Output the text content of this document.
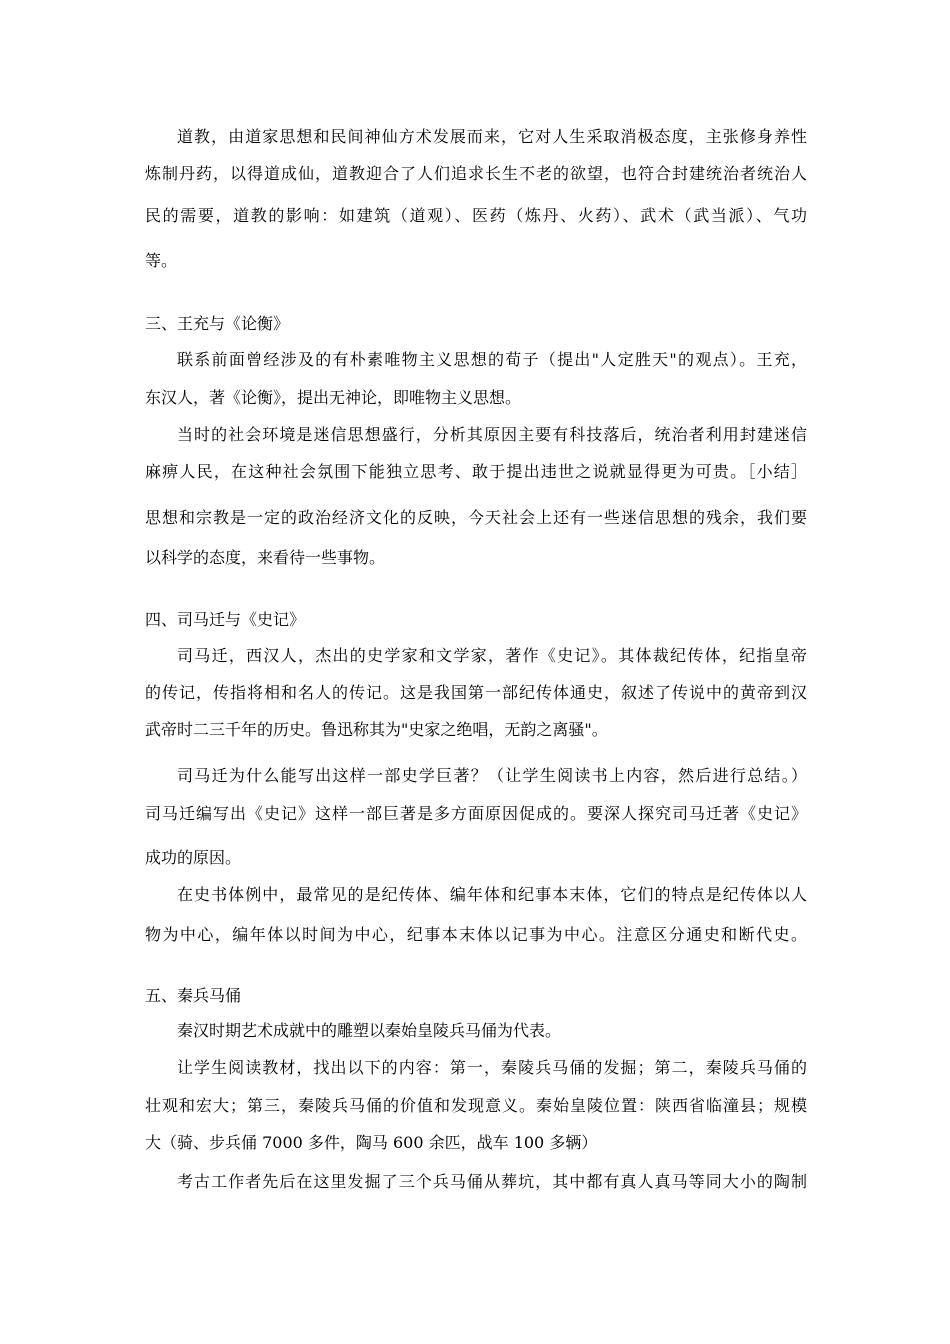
道教，由道家思想和民间神仙方术发展而来，它对人生采取消极态度，主张修身养性
炼制丹药，以得道成仙，道教迎合了人们追求长生不老的欲望，也符合封建统治者统治人
民的需要，道教的影响：如建筑（道观）、医药（炼丹、火药）、武术（武当派）、气功
等。
三、王充与《论衡》
联系前面曾经涉及的有朴素唯物主义思想的荀子（提出"人定胜天"的观点）。王充，
东汉人，著《论衡》，提出无神论，即唯物主义思想。
当时的社会环境是迷信思想盛行，分析其原因主要有科技落后，统治者利用封建迷信
麻痹人民，在这种社会氛围下能独立思考、敢于提出违世之说就显得更为可贵。［小结］
思想和宗教是一定的政治经济文化的反映，今天社会上还有一些迷信思想的残余，我们要
以科学的态度，来看待一些事物。
四、司马迁与《史记》
司马迁，西汉人，杰出的史学家和文学家，著作《史记》。其体裁纪传体，纪指皇帝
的传记，传指将相和名人的传记。这是我国第一部纪传体通史，叙述了传说中的黄帝到汉
武帝时二三千年的历史。鲁迅称其为"史家之绝唱，无韵之离骚"。
司马迁为什么能写出这样一部史学巨著？（让学生阅读书上内容，然后进行总结。）
司马迁编写出《史记》这样一部巨著是多方面原因促成的。要深人探究司马迁著《史记》
成功的原因。
在史书体例中，最常见的是纪传体、编年体和纪事本末体，它们的特点是纪传体以人
物为中心，编年体以时间为中心，纪事本末体以记事为中心。注意区分通史和断代史。
五、秦兵马俑
秦汉时期艺术成就中的雕塑以秦始皇陵兵马俑为代表。
让学生阅读教材，找出以下的内容：第一，秦陵兵马俑的发掘；第二，秦陵兵马俑的
壮观和宏大；第三，秦陵兵马俑的价值和发现意义。秦始皇陵位置：陕西省临潼县；规模
大（骑、步兵俑 7000 多件，陶马 600 余匹，战车 100 多辆）
考古工作者先后在这里发掘了三个兵马俑从葬坑，其中都有真人真马等同大小的陶制
